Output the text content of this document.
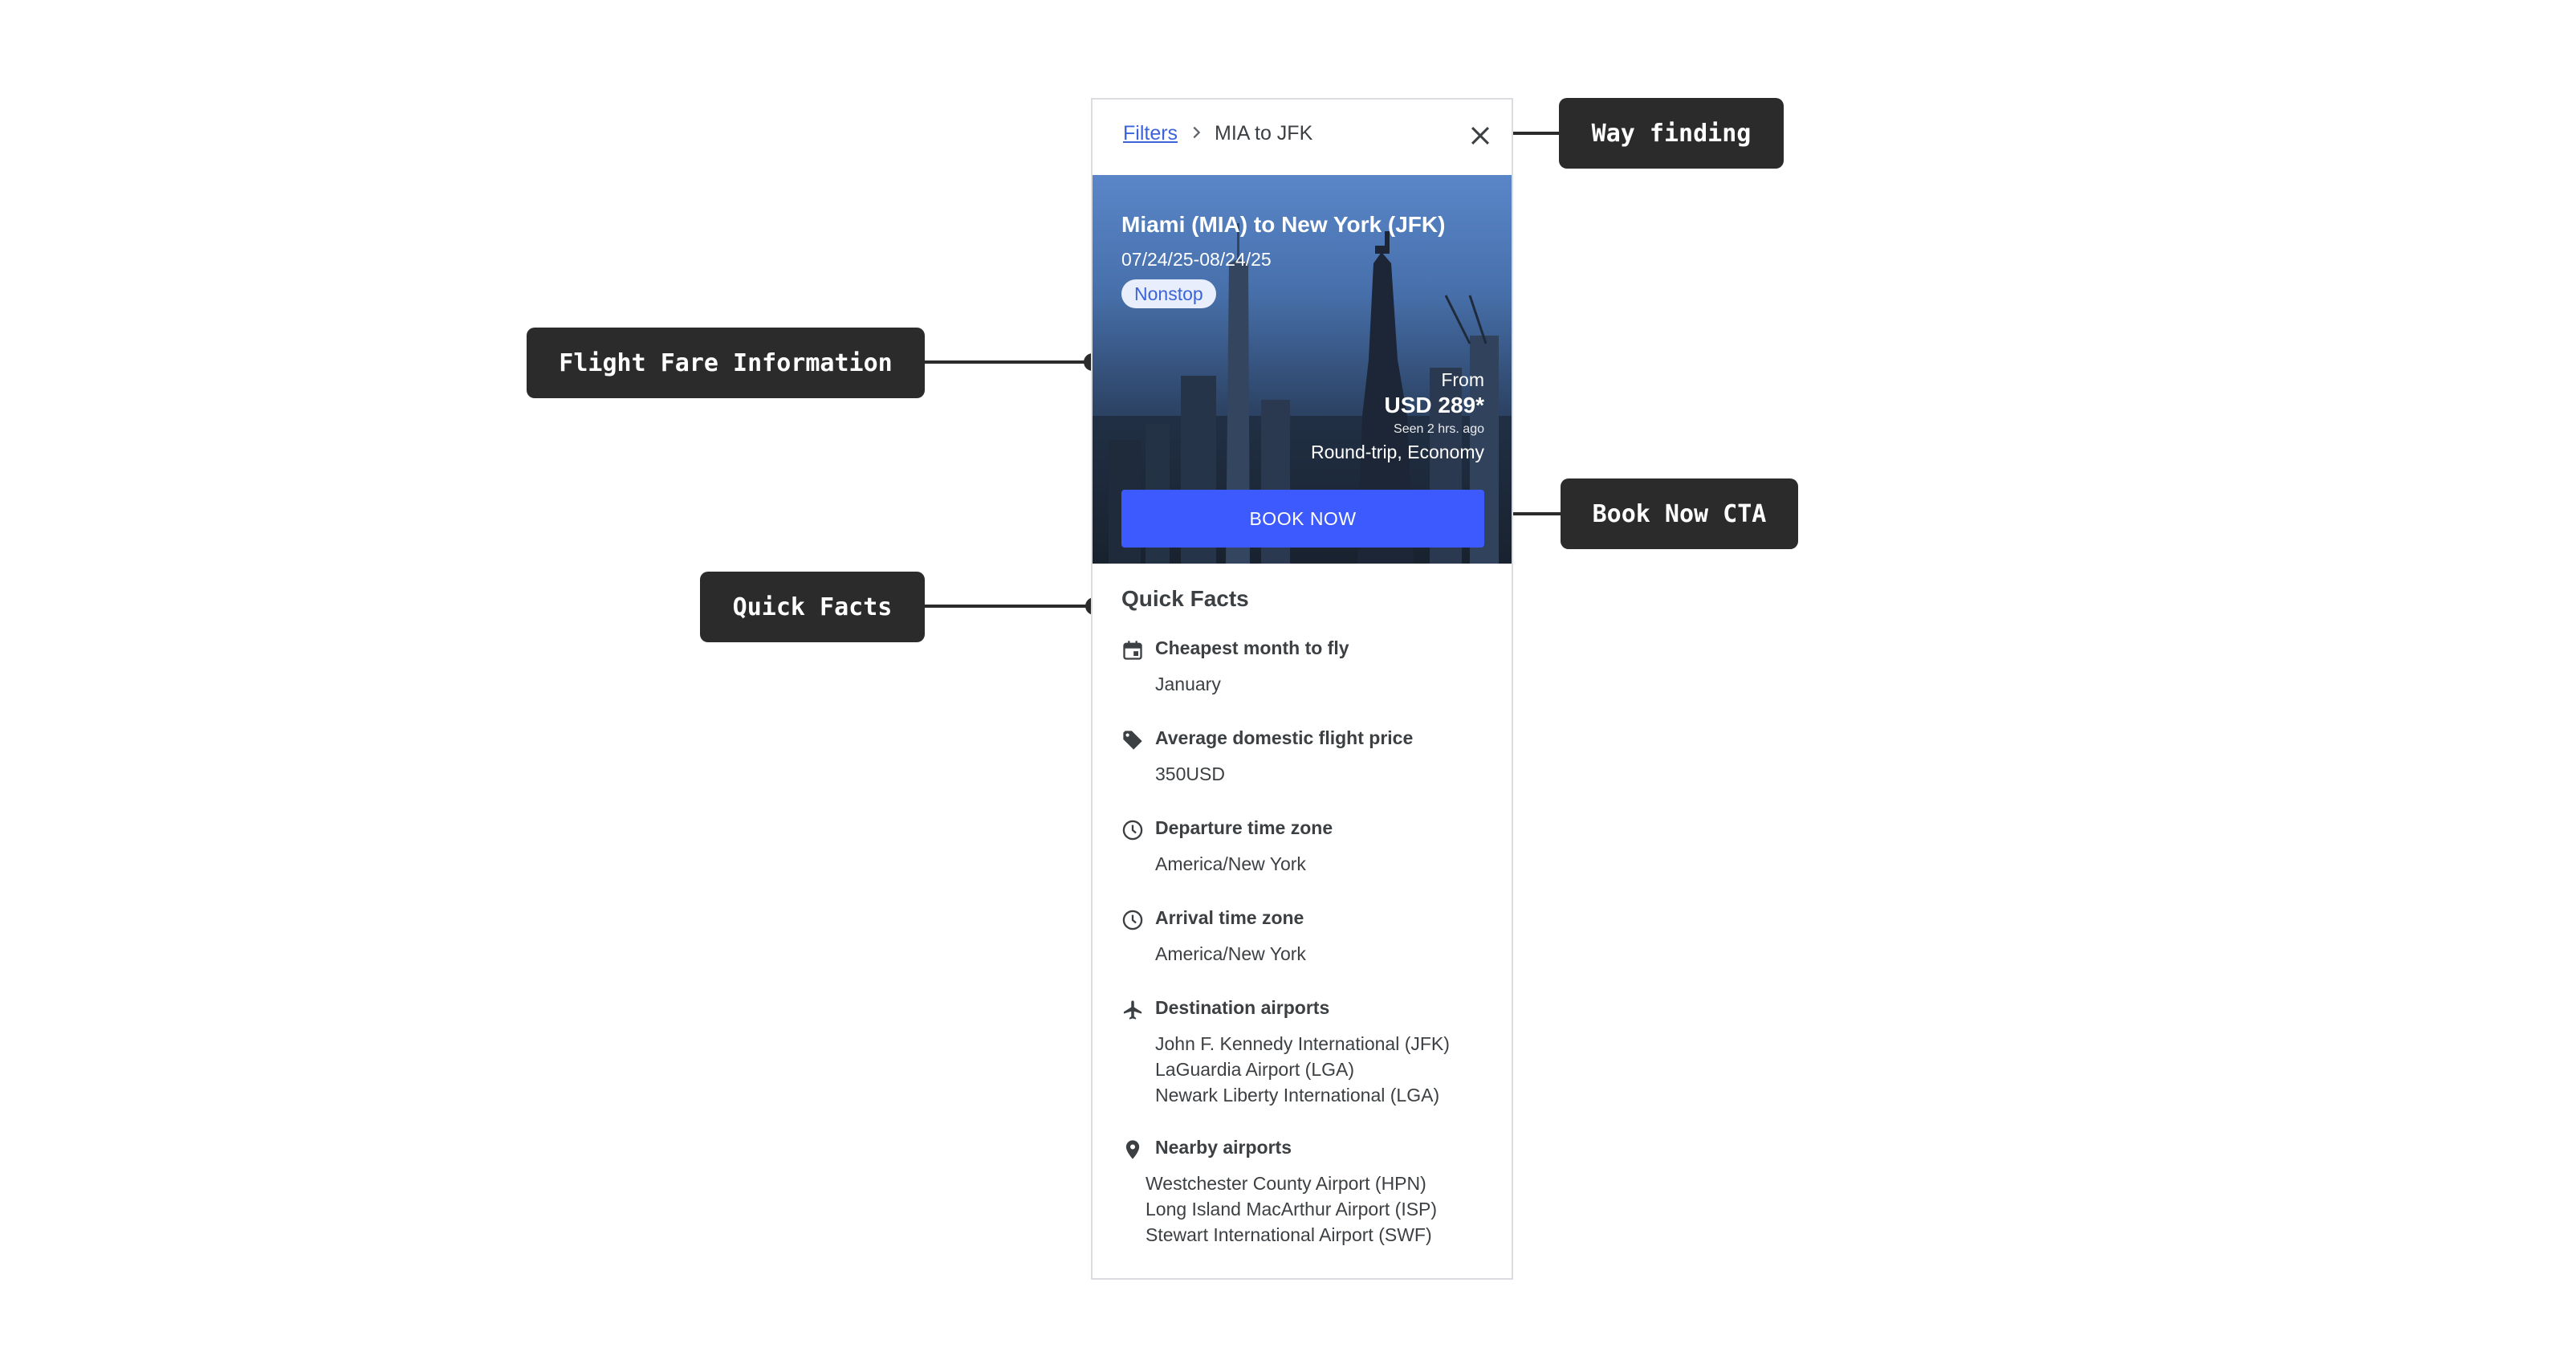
Way finding
Flight Fare Information
Book Now CTA
Quick Facts
Filters MIA to JFK
Miami (MIA) to New York (JFK)
07/24/25-08/24/25
Nonstop
From
USD 289*
Seen 2 hrs. ago
Round-trip, Economy
BOOK NOW
Quick Facts
Cheapest month to fly
January
Average domestic flight price
350USD
Departure time zone
America/New York
Arrival time zone
America/New York
Destination airports
John F. Kennedy International (JFK)
LaGuardia Airport (LGA)
Newark Liberty International (LGA)
Nearby airports
Westchester County Airport (HPN)
Long Island MacArthur Airport (ISP)
Stewart International Airport (SWF)
